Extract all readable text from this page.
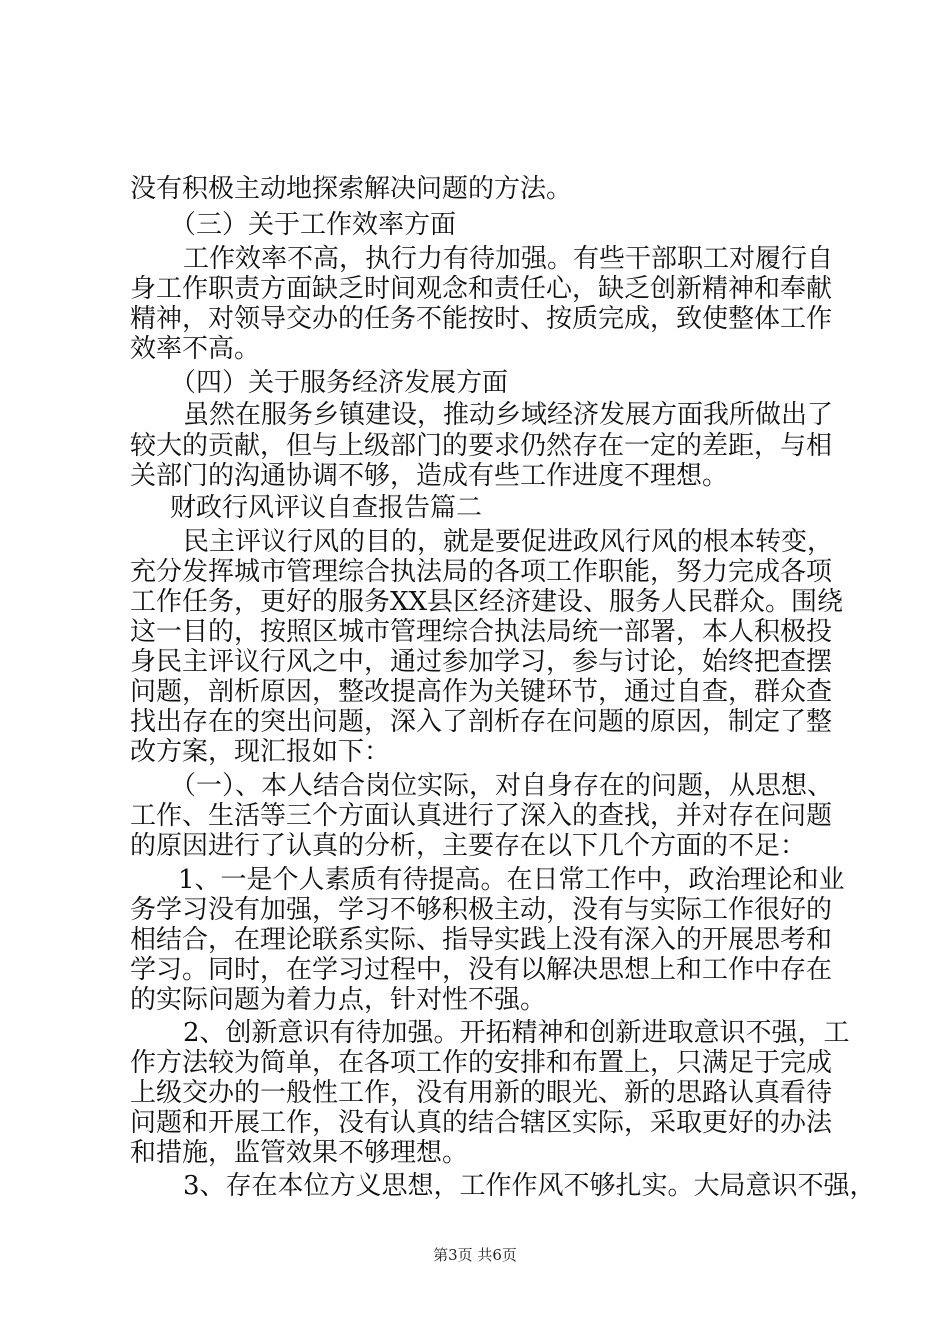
没有积极主动地探索解决问题的方法。
（三）关于工作效率方面
工作效率不高，执行力有待加强。有些干部职工对履行自
身工作职责方面缺乏时间观念和责任心，缺乏创新精神和奉献
精神，对领导交办的任务不能按时、按质完成，致使整体工作
效率不高。
（四）关于服务经济发展方面
虽然在服务乡镇建设，推动乡域经济发展方面我所做出了
较大的贡献，但与上级部门的要求仍然存在一定的差距，与相
关部门的沟通协调不够，造成有些工作进度不理想。
财政行风评议自查报告篇二
民主评议行风的目的，就是要促进政风行风的根本转变，
充分发挥城市管理综合执法局的各项工作职能，努力完成各项
工作任务，更好的服务XX县区经济建设、服务人民群众。围绕
这一目的，按照区城市管理综合执法局统一部署，本人积极投
身民主评议行风之中，通过参加学习，参与讨论，始终把查摆
问题，剖析原因，整改提高作为关键环节，通过自查，群众查
找出存在的突出问题，深入了剖析存在问题的原因，制定了整
改方案，现汇报如下：
（一）、本人结合岗位实际，对自身存在的问题，从思想、
工作、生活等三个方面认真进行了深入的查找，并对存在问题
的原因进行了认真的分析，主要存在以下几个方面的不足：
1、一是个人素质有待提高。在日常工作中，政治理论和业
务学习没有加强，学习不够积极主动，没有与实际工作很好的
相结合，在理论联系实际、指导实践上没有深入的开展思考和
学习。同时，在学习过程中，没有以解决思想上和工作中存在
的实际问题为着力点，针对性不强。
2、创新意识有待加强。开拓精神和创新进取意识不强，工
作方法较为简单，在各项工作的安排和布置上，只满足于完成
上级交办的一般性工作，没有用新的眼光、新的思路认真看待
问题和开展工作，没有认真的结合辖区实际，采取更好的办法
和措施，监管效果不够理想。
3、存在本位方义思想，工作作风不够扎实。大局意识不强，
第3页 共6页
